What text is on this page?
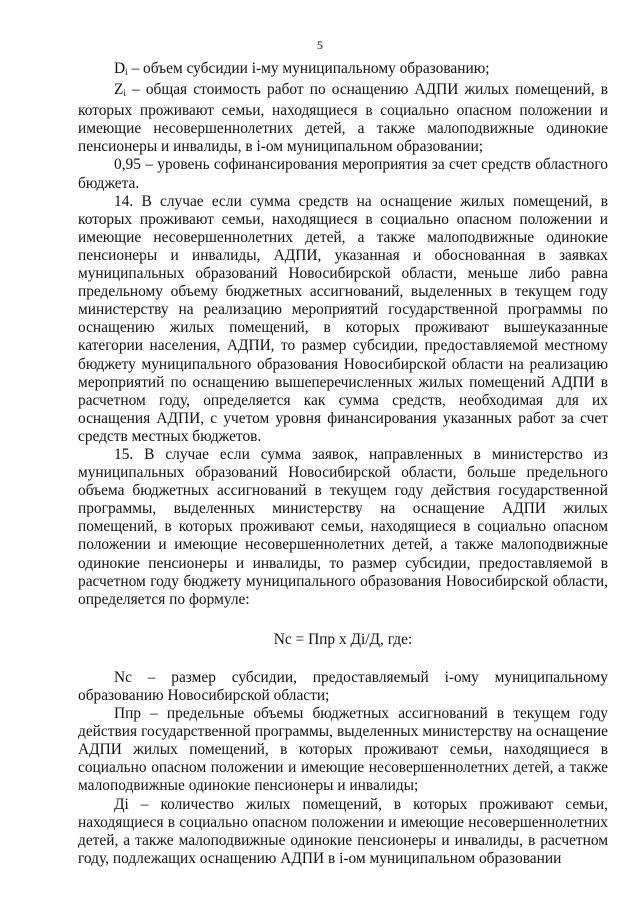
5

$D_i$ – объем субсидии i-му муниципальному образованию;

$Z_i$ – общая стоимость работ по оснащению АДПИ жилых помещений, в которых проживают семьи, находящиеся в социально опасном положении и имеющие несовершеннолетних детей, а также малоподвижные одинокие пенсионеры и инвалиды, в i-ом муниципальном образовании;

0,95 – уровень софинансирования мероприятия за счет средств областного бюджета.

14. В случае если сумма средств на оснащение жилых помещений, в которых проживают семьи, находящиеся в социально опасном положении и имеющие несовершеннолетних детей, а также малоподвижные одинокие пенсионеры и инвалиды, АДПИ, указанная и обоснованная в заявках муниципальных образований Новосибирской области, меньше либо равна предельному объему бюджетных ассигнований, выделенных в текущем году министерству на реализацию мероприятий государственной программы по оснащению жилых помещений, в которых проживают вышеуказанные категории населения, АДПИ, то размер субсидии, предоставляемой местному бюджету муниципального образования Новосибирской области на реализацию мероприятий по оснащению вышеперечисленных жилых помещений АДПИ в расчетном году, определяется как сумма средств, необходимая для их оснащения АДПИ, с учетом уровня финансирования указанных работ за счет средств местных бюджетов.

15. В случае если сумма заявок, направленных в министерство из муниципальных образований Новосибирской области, больше предельного объема бюджетных ассигнований в текущем году действия государственной программы, выделенных министерству на оснащение АДПИ жилых помещений, в которых проживают семьи, находящиеся в социально опасном положении и имеющие несовершеннолетних детей, а также малоподвижные одинокие пенсионеры и инвалиды, то размер субсидии, предоставляемой в расчетном году бюджету муниципального образования Новосибирской области, определяется по формуле:

Nc = Ппр х Дi/Д, где:

Nc – размер субсидии, предоставляемый i-ому муниципальному образованию Новосибирской области;

Ппр – предельные объемы бюджетных ассигнований в текущем году действия государственной программы, выделенных министерству на оснащение АДПИ жилых помещений, в которых проживают семьи, находящиеся в социально опасном положении и имеющие несовершеннолетних детей, а также малоподвижные одинокие пенсионеры и инвалиды;

Дi – количество жилых помещений, в которых проживают семьи, находящиеся в социально опасном положении и имеющие несовершеннолетних детей, а также малоподвижные одинокие пенсионеры и инвалиды, в расчетном году, подлежащих оснащению АДПИ в i-ом муниципальном образовании
